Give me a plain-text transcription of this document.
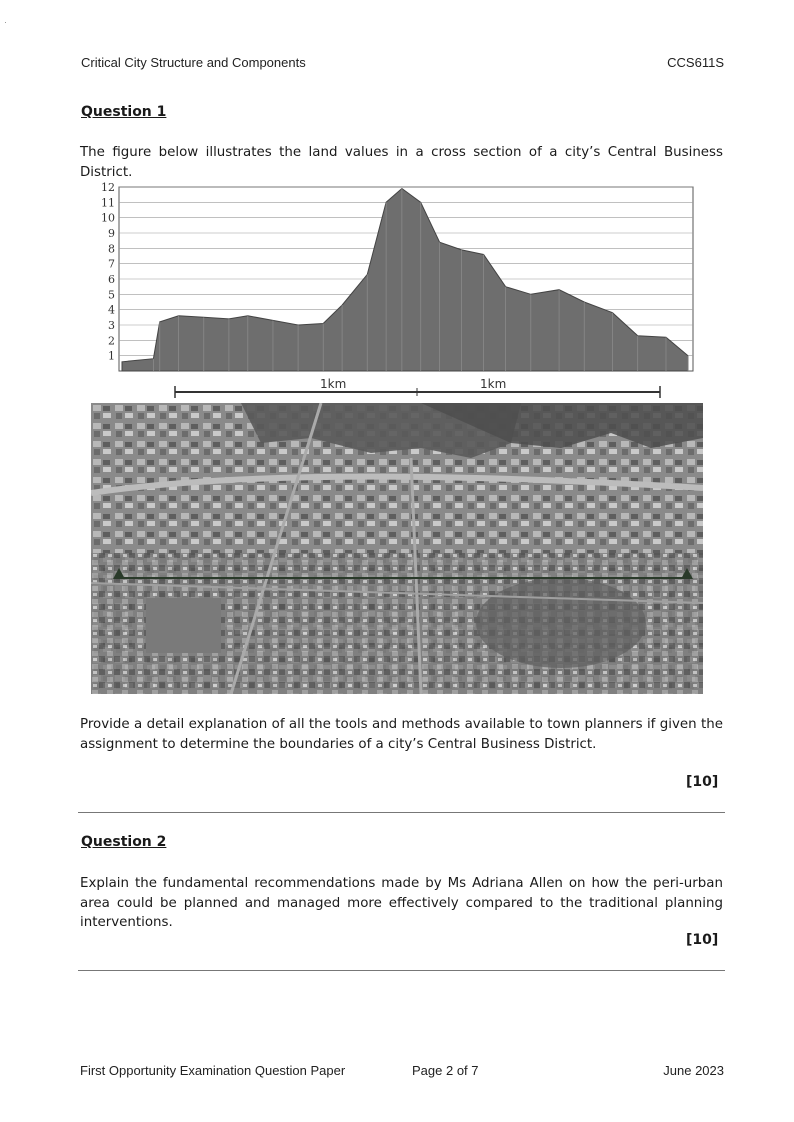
Critical City Structure and Components	CCS611S
Question 1
The figure below illustrates the land values in a cross section of a city’s Central Business District.
1
2
3
4
5
6
7
8
9
10
11
12
1km	1km
Provide a detail explanation of all the tools and methods available to town planners if given the assignment to determine the boundaries of a city’s Central Business District.
[10]
Question 2
Explain the fundamental recommendations made by Ms Adriana Allen on how the peri-urban area could be planned and managed more effectively compared to the traditional planning interventions.
[10]
First Opportunity Examination Question Paper	Page 2 of 7	June 2023
